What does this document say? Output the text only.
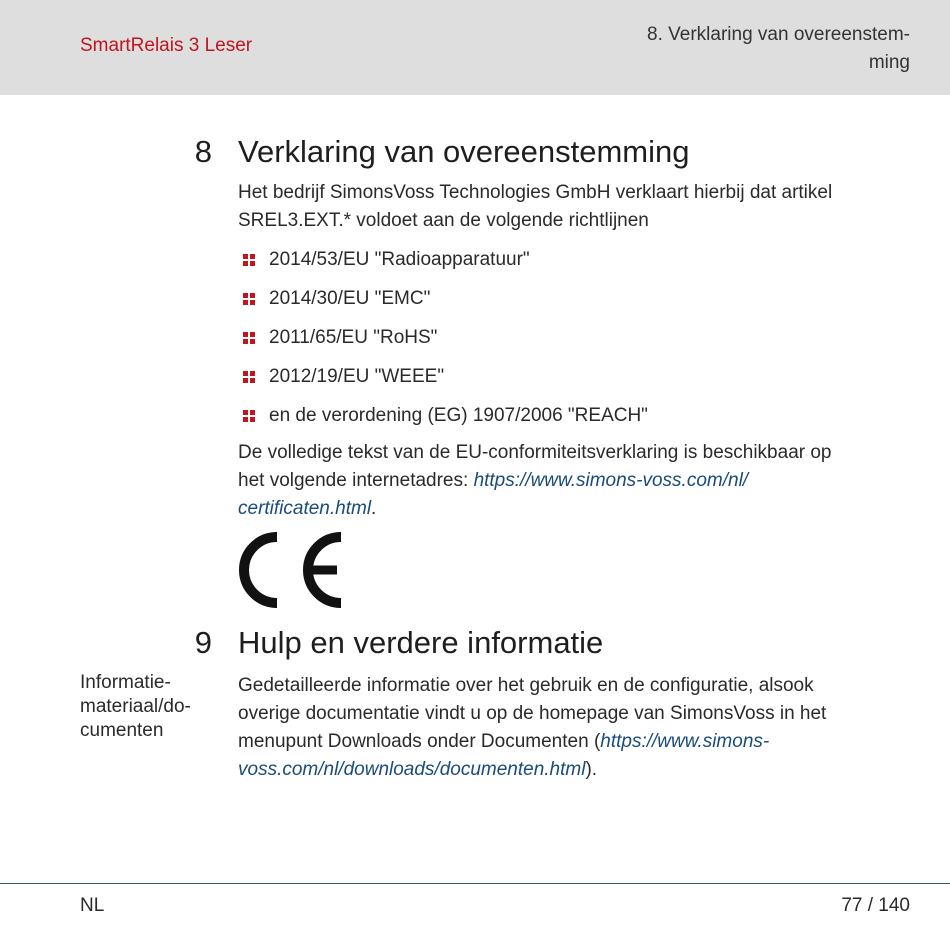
SmartRelais 3 Leser
8. Verklaring van overeenstem-
ming
8 Verklaring van overeenstemming
Het bedrijf SimonsVoss Technologies GmbH verklaart hierbij dat artikel
SREL3.EXT.* voldoet aan de volgende richtlijnen
2014/53/EU "Radioapparatuur"
2014/30/EU "EMC"
2011/65/EU "RoHS"
2012/19/EU "WEEE"
en de verordening (EG) 1907/2006 "REACH"
De volledige tekst van de EU-conformiteitsverklaring is beschikbaar op
het volgende internetadres: https://www.simons-voss.com/nl/
certificaten.html.
9 Hulp en verdere informatie
Informatie-
materiaal/do-
cumenten
Gedetailleerde informatie over het gebruik en de configuratie, alsook
overige documentatie vindt u op de homepage van SimonsVoss in het
menupunt Downloads onder Documenten (https://www.simons-
voss.com/nl/downloads/documenten.html).
NL	77 / 140
